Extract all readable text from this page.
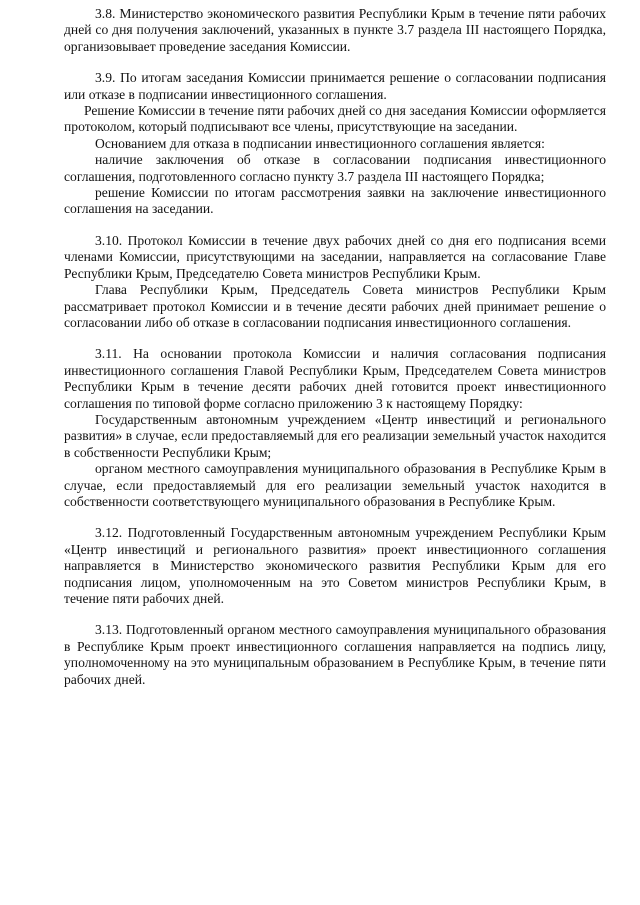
3.8. Министерство экономического развития Республики Крым в течение пяти рабочих дней со дня получения заключений, указанных в пункте 3.7 раздела III настоящего Порядка, организовывает проведение заседания Комиссии.

3.9. По итогам заседания Комиссии принимается решение о согласовании подписания или отказе в подписании инвестиционного соглашения.

Решение Комиссии в течение пяти рабочих дней со дня заседания Комиссии оформляется протоколом, который подписывают все члены, присутствующие на заседании.

Основанием для отказа в подписании инвестиционного соглашения является:

наличие заключения об отказе в согласовании подписания инвестиционного соглашения, подготовленного согласно пункту 3.7 раздела III настоящего Порядка;

решение Комиссии по итогам рассмотрения заявки на заключение инвестиционного соглашения на заседании.

3.10. Протокол Комиссии в течение двух рабочих дней со дня его подписания всеми членами Комиссии, присутствующими на заседании, направляется на согласование Главе Республики Крым, Председателю Совета министров Республики Крым.

Глава Республики Крым, Председатель Совета министров Республики Крым рассматривает протокол Комиссии и в течение десяти рабочих дней принимает решение о согласовании либо об отказе в согласовании подписания инвестиционного соглашения.

3.11. На основании протокола Комиссии и наличия согласования подписания инвестиционного соглашения Главой Республики Крым, Председателем Совета министров Республики Крым в течение десяти рабочих дней готовится проект инвестиционного соглашения по типовой форме согласно приложению 3 к настоящему Порядку:

Государственным автономным учреждением «Центр инвестиций и регионального развития» в случае, если предоставляемый для его реализации земельный участок находится в собственности Республики Крым;

органом местного самоуправления муниципального образования в Республике Крым в случае, если предоставляемый для его реализации земельный участок находится в собственности соответствующего муниципального образования в Республике Крым.

3.12. Подготовленный Государственным автономным учреждением Республики Крым «Центр инвестиций и регионального развития» проект инвестиционного соглашения направляется в Министерство экономического развития Республики Крым для его подписания лицом, уполномоченным на это Советом министров Республики Крым, в течение пяти рабочих дней.

3.13. Подготовленный органом местного самоуправления муниципального образования в Республике Крым проект инвестиционного соглашения направляется на подпись лицу, уполномоченному на это муниципальным образованием в Республике Крым, в течение пяти рабочих дней.
